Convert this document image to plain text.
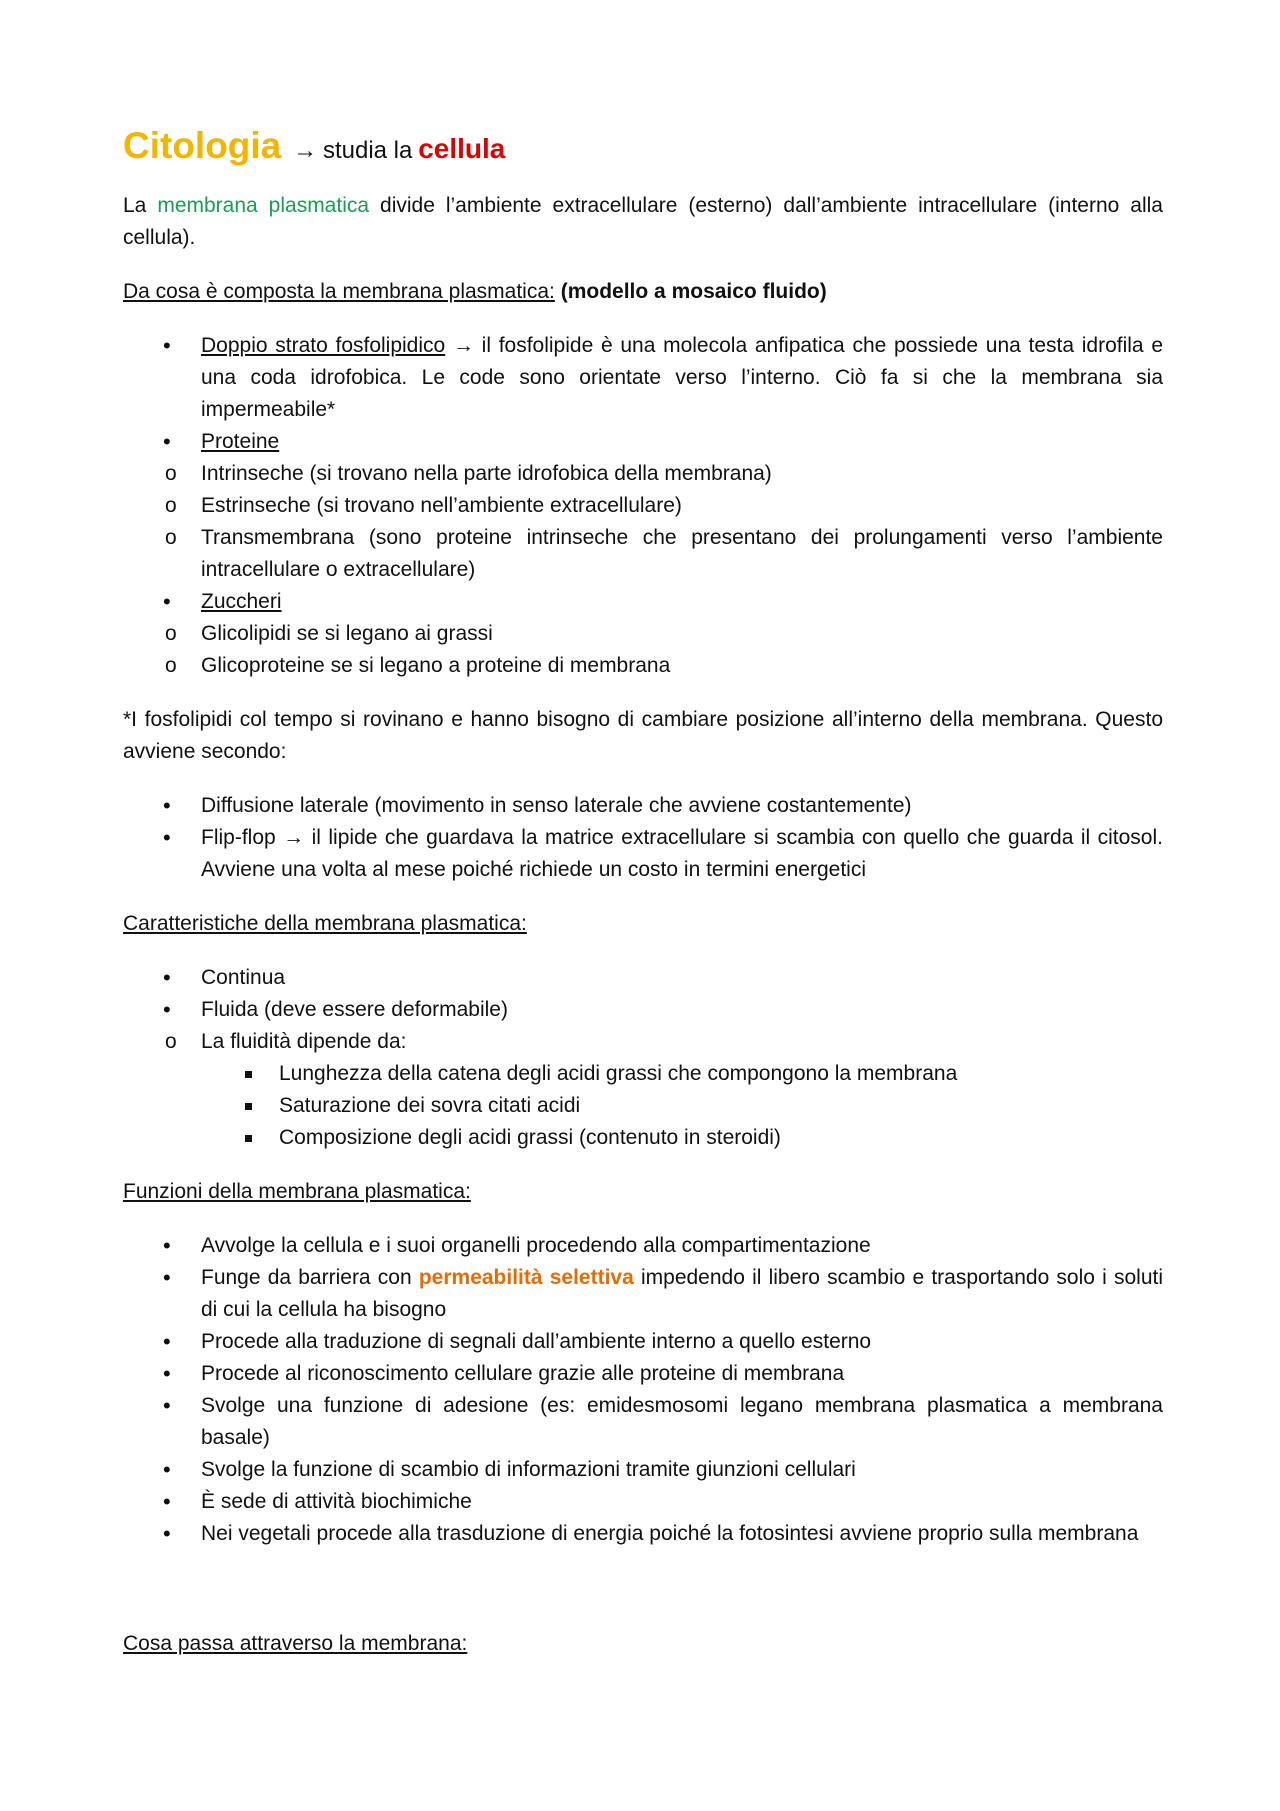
Citologia → studia la cellula

La membrana plasmatica divide l’ambiente extracellulare (esterno) dall’ambiente intracellulare (interno alla cellula).

Da cosa è composta la membrana plasmatica: (modello a mosaico fluido)

• Doppio strato fosfolipidico → il fosfolipide è una molecola anfipatica che possiede una testa idrofila e una coda idrofobica. Le code sono orientate verso l’interno. Ciò fa si che la membrana sia impermeabile*
• Proteine
o Intrinseche (si trovano nella parte idrofobica della membrana)
o Estrinseche (si trovano nell’ambiente extracellulare)
o Transmembrana (sono proteine intrinseche che presentano dei prolungamenti verso l’ambiente intracellulare o extracellulare)
• Zuccheri
o Glicolipidi se si legano ai grassi
o Glicoproteine se si legano a proteine di membrana

*I fosfolipidi col tempo si rovinano e hanno bisogno di cambiare posizione all’interno della membrana. Questo avviene secondo:

• Diffusione laterale (movimento in senso laterale che avviene costantemente)
• Flip-flop → il lipide che guardava la matrice extracellulare si scambia con quello che guarda il citosol. Avviene una volta al mese poiché richiede un costo in termini energetici

Caratteristiche della membrana plasmatica:

• Continua
• Fluida (deve essere deformabile)
o La fluidità dipende da:
Lunghezza della catena degli acidi grassi che compongono la membrana
Saturazione dei sovra citati acidi
Composizione degli acidi grassi (contenuto in steroidi)

Funzioni della membrana plasmatica:

• Avvolge la cellula e i suoi organelli procedendo alla compartimentazione
• Funge da barriera con permeabilità selettiva impedendo il libero scambio e trasportando solo i soluti di cui la cellula ha bisogno
• Procede alla traduzione di segnali dall’ambiente interno a quello esterno
• Procede al riconoscimento cellulare grazie alle proteine di membrana
• Svolge una funzione di adesione (es: emidesmosomi legano membrana plasmatica a membrana basale)
• Svolge la funzione di scambio di informazioni tramite giunzioni cellulari
• È sede di attività biochimiche
• Nei vegetali procede alla trasduzione di energia poiché la fotosintesi avviene proprio sulla membrana

Cosa passa attraverso la membrana:
